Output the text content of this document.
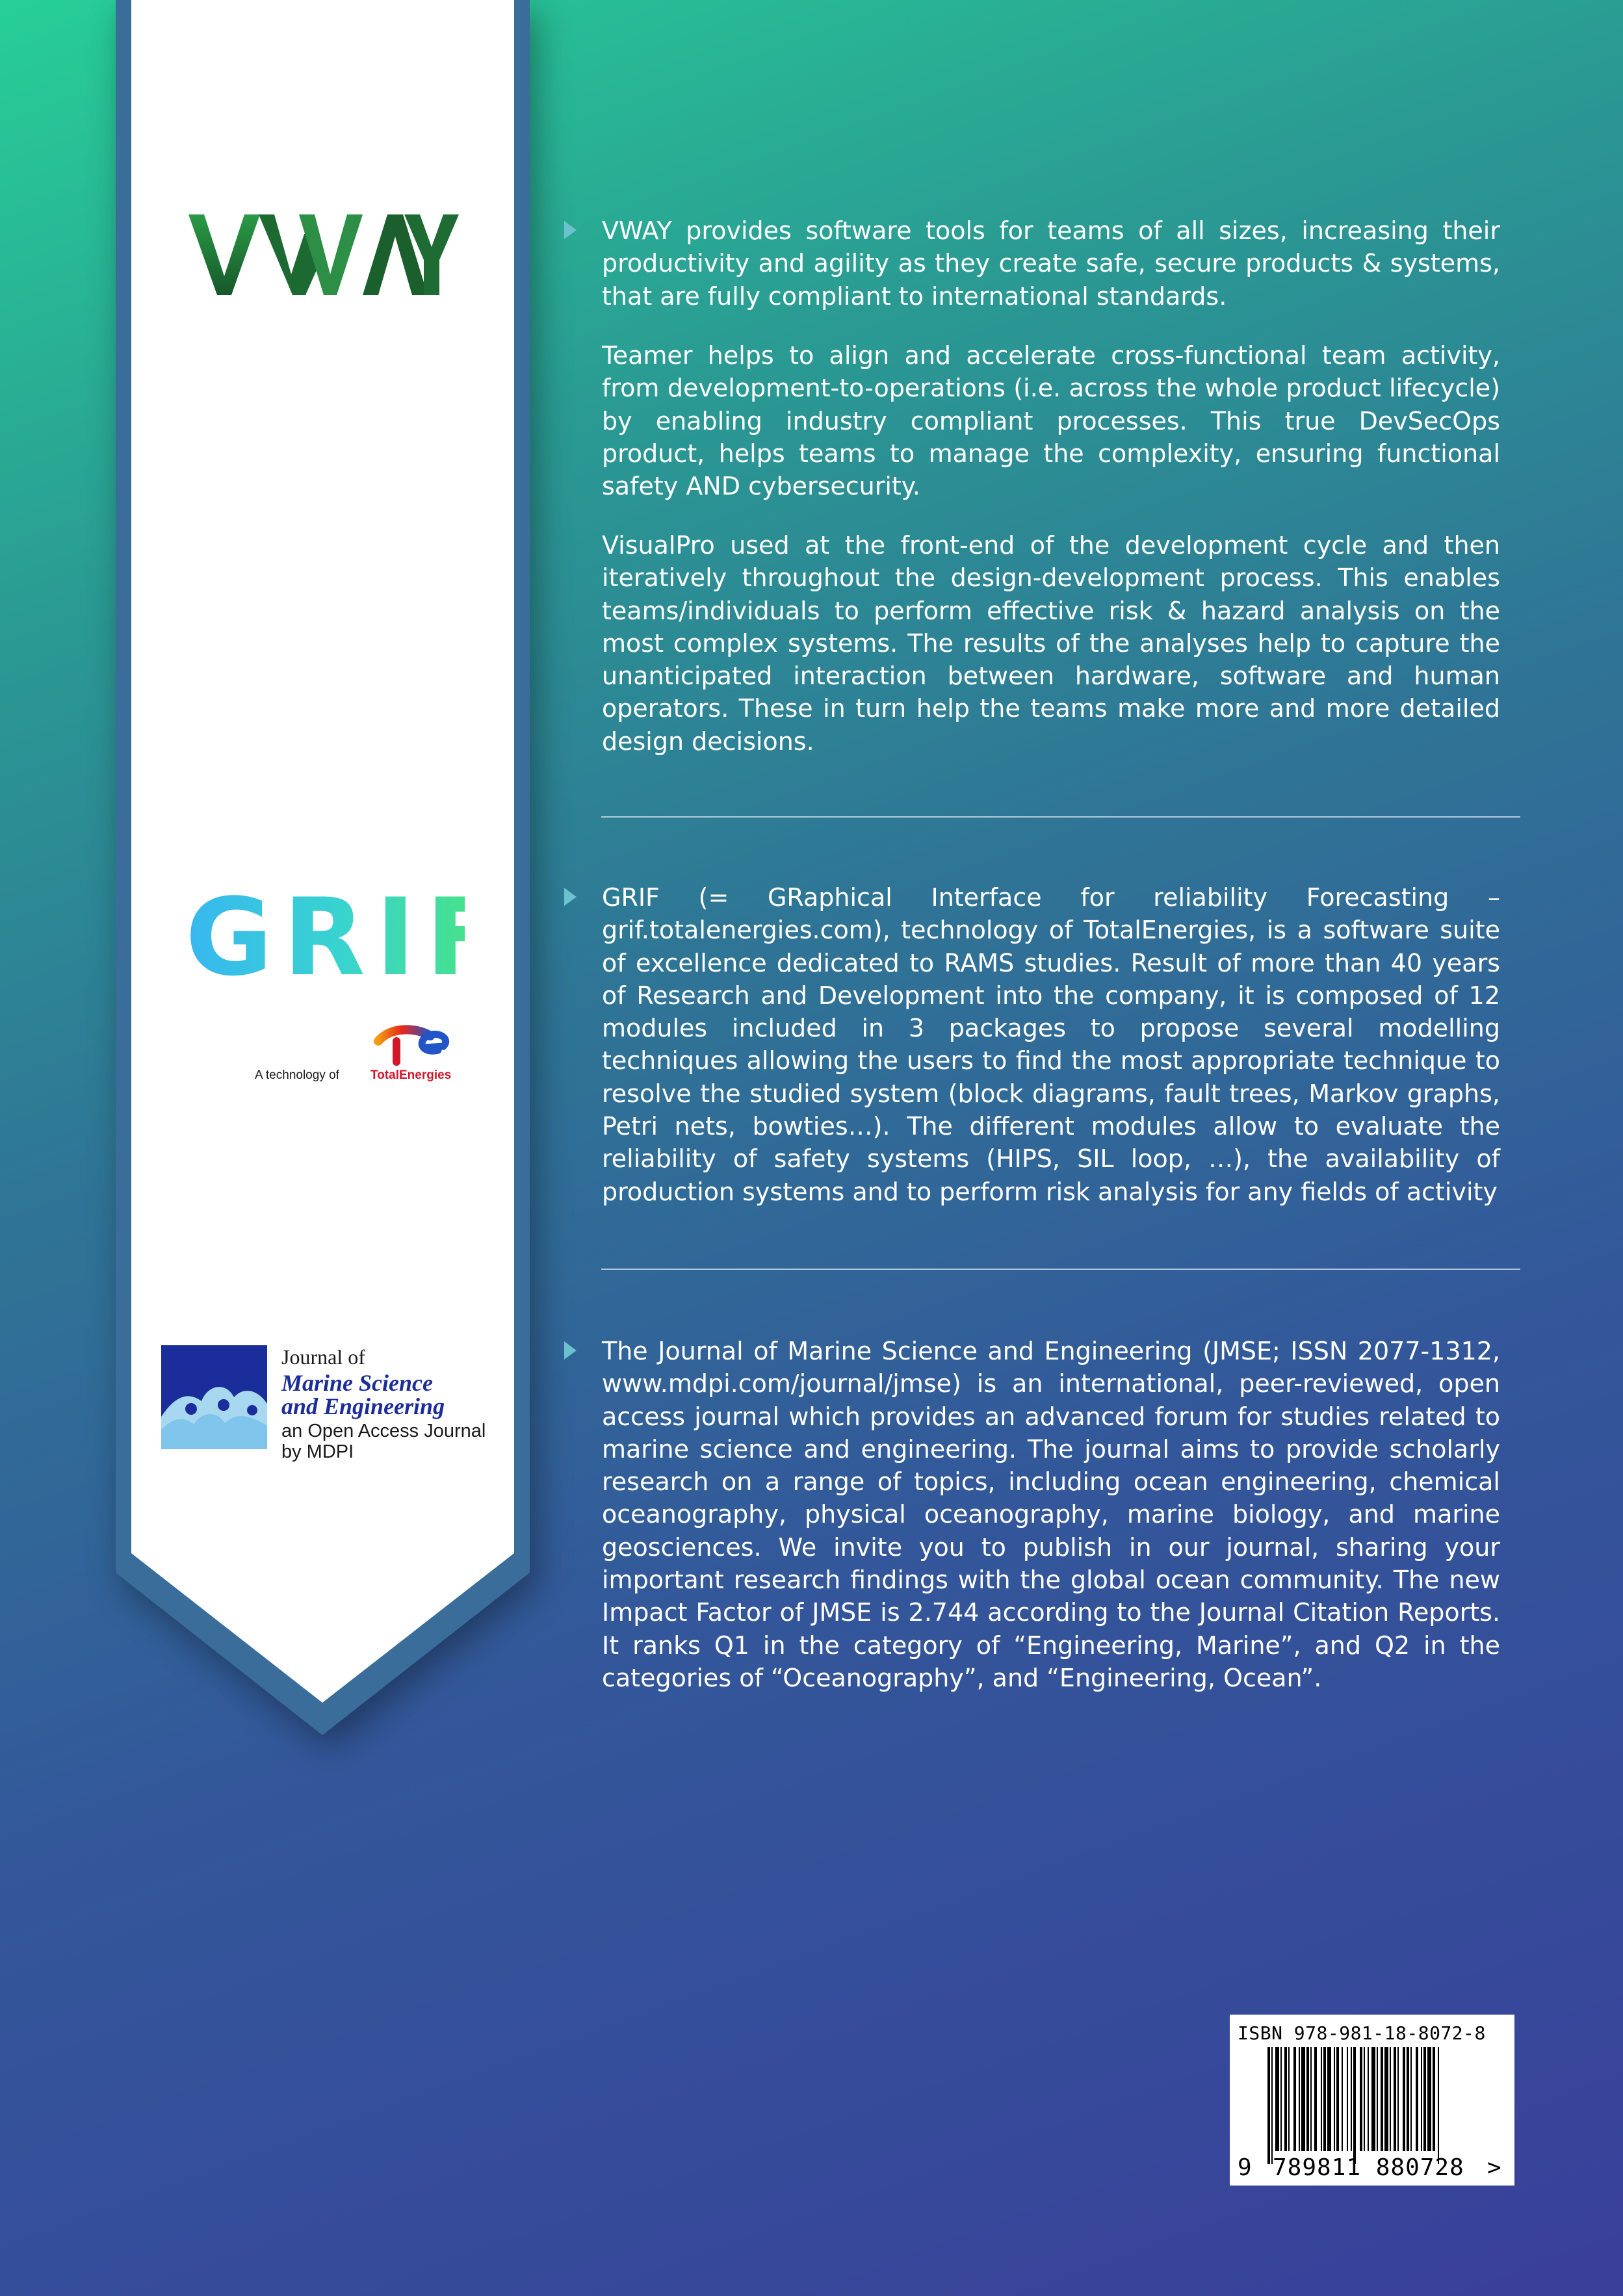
GRIF
A technology of	TotalEnergies
Journal of
Marine Science
and Engineering
an Open Access Journal
by MDPI

VWAY provides software tools for teams of all sizes, increasing their productivity and agility as they create safe, secure products & systems, that are fully compliant to international standards.

Teamer helps to align and accelerate cross-functional team activity, from development-to-operations (i.e. across the whole product lifecycle) by enabling industry compliant processes. This true DevSecOps product, helps teams to manage the complexity, ensuring functional safety AND cybersecurity.

VisualPro used at the front-end of the development cycle and then iteratively throughout the design-development process. This enables teams/individuals to perform effective risk & hazard analysis on the most complex systems. The results of the analyses help to capture the unanticipated interaction between hardware, software and human operators. These in turn help the teams make more and more detailed design decisions.

GRIF (= GRaphical Interface for reliability Forecasting – grif.totalenergies.com), technology of TotalEnergies, is a software suite of excellence dedicated to RAMS studies. Result of more than 40 years of Research and Development into the company, it is composed of 12 modules included in 3 packages to propose several modelling techniques allowing the users to find the most appropriate technique to resolve the studied system (block diagrams, fault trees, Markov graphs, Petri nets, bowties…). The different modules allow to evaluate the reliability of safety systems (HIPS, SIL loop, …), the availability of production systems and to perform risk analysis for any fields of activity

The Journal of Marine Science and Engineering (JMSE; ISSN 2077-1312, www.mdpi.com/journal/jmse) is an international, peer-reviewed, open access journal which provides an advanced forum for studies related to marine science and engineering. The journal aims to provide scholarly research on a range of topics, including ocean engineering, chemical oceanography, physical oceanography, marine biology, and marine geosciences. We invite you to publish in our journal, sharing your important research findings with the global ocean community. The new Impact Factor of JMSE is 2.744 according to the Journal Citation Reports. It ranks Q1 in the category of “Engineering, Marine”, and Q2 in the categories of “Oceanography”, and “Engineering, Ocean”.

ISBN 978-981-18-8072-8
9 789811 880728 >
